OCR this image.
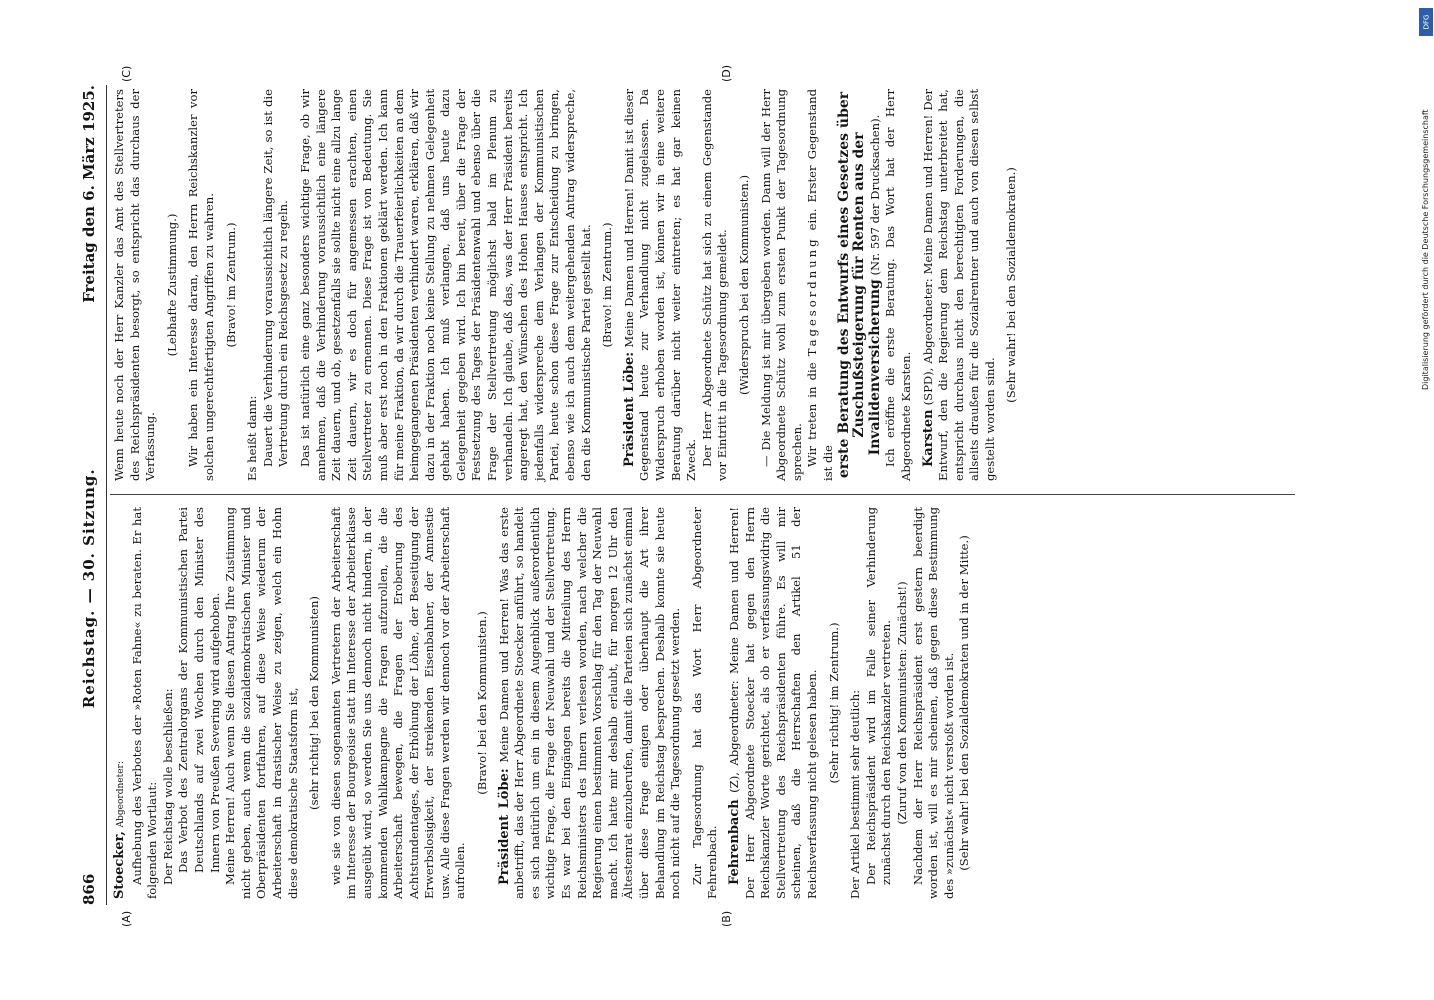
866
Reichstag. — 30. Sitzung.
Freitag den 6. März 1925.
(A)	(B)
(C)	(D)

Stoecker, Abgeordneter: Aufhebung des Verbotes der »Roten Fahne« zu beraten. Er hat folgenden Wortlaut: Der Reichstag wolle beschließen: Das Verbot des Zentralorgans der Kommunistischen Partei Deutschlands auf zwei Wochen durch den Minister des Innern von Preußen Severing wird aufgehoben. Meine Herren! Auch wenn Sie diesen Antrag Ihre Zustimmung nicht geben, auch wenn die sozialdemokratischen Minister und Oberpräsidenten fortfahren, auf diese Weise wiederum der Arbeiterschaft in drastischer Weise zu zeigen, welch ein Hohn diese demokratische Staatsform ist, (sehr richtig! bei den Kommunisten) wie sie von diesen sogenannten Vertretern der Arbeiterschaft im Interesse der Bourgeoisie statt im Interesse der Arbeiterklasse ausgeübt wird, so werden Sie uns dennoch nicht hindern, in der kommenden Wahlkampagne die Fragen aufzurollen, die die Arbeiterschaft bewegen, die Fragen der Eroberung des Achtstundentages, der Erhöhung der Löhne, der Beseitigung der Erwerbslosigkeit, der streikenden Eisenbahner, der Amnestie usw. Alle diese Fragen werden wir dennoch vor der Arbeiterschaft aufrollen.

(Bravo! bei den Kommunisten.)

Präsident Löbe: Meine Damen und Herren! Was das erste anbetrifft, das der Herr Abgeordnete Stoecker anführt, so handelt es sich natürlich um ein in diesem Augenblick außerordentlich wichtige Frage, die Frage der Neuwahl und der Stellvertretung. Es war bei den Eingängen bereits die Mitteilung des Herrn Reichsministers des Innern verlesen worden, nach welcher die Regierung einen bestimmten Vorschlag für den Tag der Neuwahl macht. Ich hatte mir deshalb erlaubt, für morgen 12 Uhr den Ältestenrat einzuberufen, damit die Parteien sich zunächst einmal über diese Frage einigen oder überhaupt die Art ihrer Behandlung im Reichstag besprechen. Deshalb konnte sie heute noch nicht auf die Tagesordnung gesetzt werden. Zur Tagesordnung hat das Wort Herr Abgeordneter Fehrenbach. Fehrenbach (Z), Abgeordneter: Meine Damen und Herren! Der Herr Abgeordnete Stoecker hat gegen den Herrn Reichskanzler Worte gerichtet, als ob er verfassungswidrig die Stellvertretung des Reichspräsidenten führe. Es will mir scheinen, daß die Herrschaften den Artikel 51 der Reichsverfassung nicht gelesen haben. (Sehr richtig! im Zentrum.) Der Artikel bestimmt sehr deutlich: Der Reichspräsident wird im Falle seiner Verhinderung zunächst durch den Reichskanzler vertreten. (Zuruf von den Kommunisten: Zunächst!) Nachdem der Herr Reichspräsident erst gestern beerdigt worden ist, will es mir scheinen, daß gegen diese Bestimmung des »zunächst« nicht verstoßt worden ist. (Sehr wahr! bei den Sozialdemokraten und in der Mitte.)

Wenn heute noch der Herr Kanzler das Amt des Stellvertreters des Reichspräsidenten besorgt, so entspricht das durchaus der Verfassung.

(Lebhafte Zustimmung.) Wir haben ein Interesse daran, den Herrn Reichskanzler vor solchen ungerechtfertigten Angriffen zu wahren. (Bravo! im Zentrum.)

Es heißt dann: Dauert die Verhinderung voraussichtlich längere Zeit, so ist die Vertretung durch ein Reichsgesetz zu regeln. Das ist natürlich eine ganz besonders wichtige Frage, ob wir annehmen, daß die Verhinderung voraussichtlich eine längere Zeit dauern, und ob, gesetzenfalls sie sollte nicht eine allzu lange Zeit dauern, wir es doch für angemessen erachten, einen Stellvertreter zu ernennen. Diese Frage ist von Bedeutung. Sie muß aber erst noch in den Fraktionen geklärt werden. Ich kann für meine Fraktion, da wir durch die Trauerfeierlichkeiten an dem heimgegangenen Präsidenten verhindert waren, erklären, daß wir dazu in der Fraktion noch keine Stellung zu nehmen Gelegenheit gehabt haben. Ich muß verlangen, daß uns heute dazu Gelegenheit gegeben wird. Ich bin bereit, über die Frage der Festsetzung des Tages der Präsidentenwahl und ebenso über die Frage der Stellvertretung möglichst bald im Plenum zu verhandeln. Ich glaube, daß das, was der Herr Präsident bereits angeregt hat, den Wünschen des Hohen Hauses entspricht. Ich jedenfalls widerspreche dem Verlangen der Kommunistischen Partei, heute schon diese Frage zur Entscheidung zu bringen, ebenso wie ich auch dem weitergehenden Antrag widerspreche, den die Kommunistische Partei gestellt hat. (Bravo! im Zentrum.)

Präsident Löbe: Meine Damen und Herren! Damit ist dieser Gegenstand heute zur Verhandlung nicht zugelassen. Da Widerspruch erhoben worden ist, können wir in eine weitere Beratung darüber nicht weiter eintreten; es hat gar keinen Zweck. Der Herr Abgeordnete Schütz hat sich zu einem Gegenstande vor Eintritt in die Tagesordnung gemeldet. (Widerspruch bei den Kommunisten.) — Die Meldung ist mir übergeben worden. Dann will der Herr Abgeordnete Schütz wohl zum ersten Punkt der Tagesordnung sprechen. Wir treten in die Tagesordnung ein. Erster Gegenstand ist die erste Beratung des Entwurfs eines Gesetzes über Zuschußsteigerung für Renten aus der Invalidenversicherung (Nr. 597 der Drucksachen). Ich eröffne die erste Beratung. Das Wort hat der Herr Abgeordnete Karsten. Karsten (SPD), Abgeordneter: Meine Damen und Herren! Der Entwurf, den die Regierung dem Reichstag unterbreitet hat, entspricht durchaus nicht den berechtigten Forderungen, die allseits draußen für die Sozialrentner und auch von diesen selbst gestellt worden sind.

(Sehr wahr! bei den Sozialdemokraten.)

DFG
Digitalisierung gefördert durch die Deutsche Forschungsgemeinschaft
